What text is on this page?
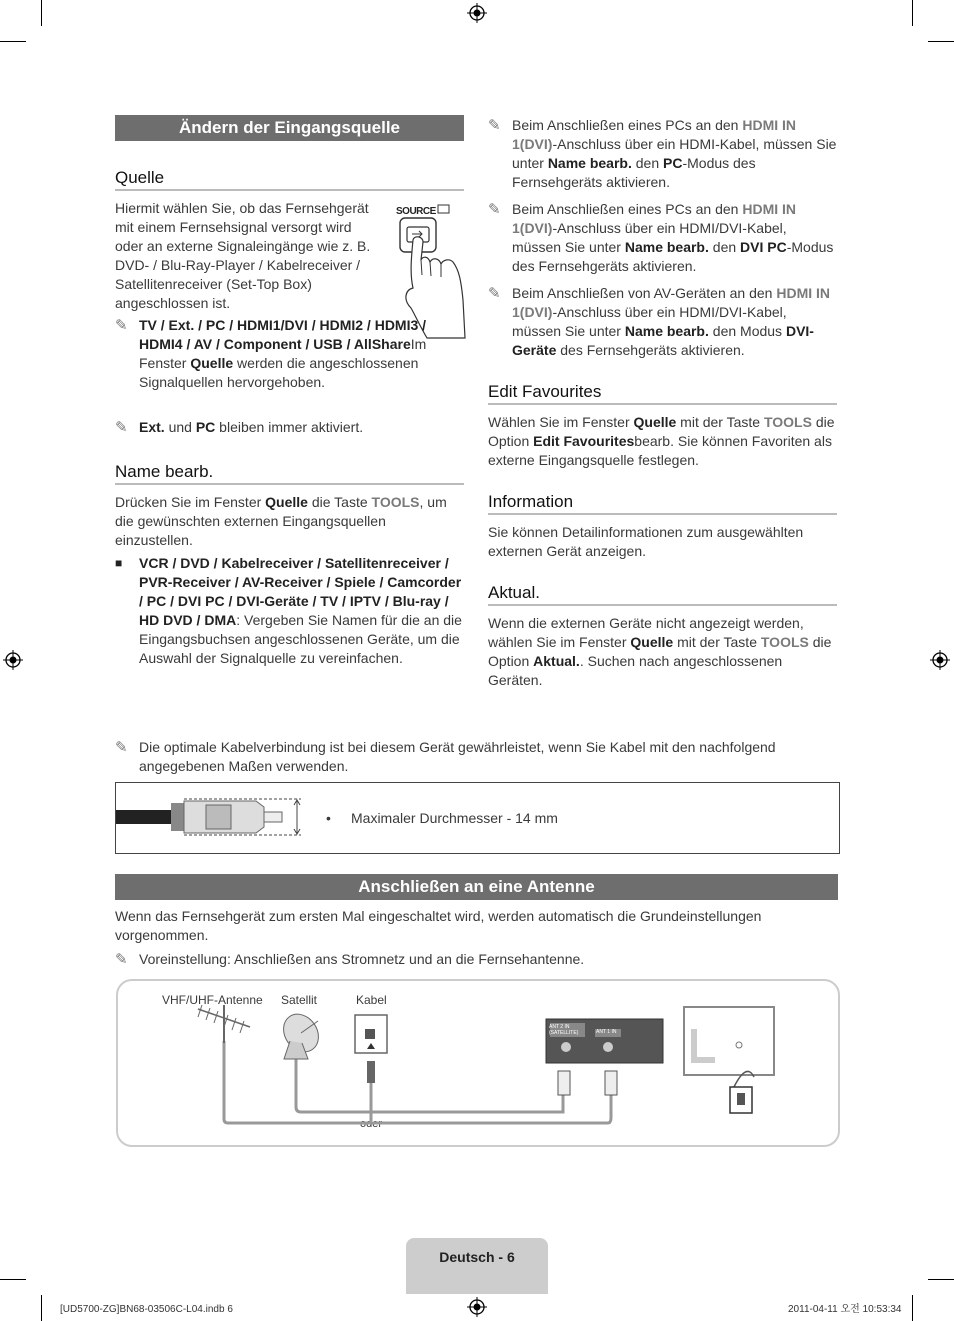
Ändern der Eingangsquelle
Quelle
Hiermit wählen Sie, ob das Fernsehgerät mit einem Fernsehsignal versorgt wird oder an externe Signaleingänge wie z. B. DVD- / Blu-Ray-Player / Kabelreceiver / Satellitenreceiver (Set-Top Box) angeschlossen ist.
SOURCE
✎ TV / Ext. / PC / HDMI1/DVI / HDMI2 / HDMI3 / HDMI4 / AV / Component / USB / AllShareIm Fenster Quelle werden die angeschlossenen Signalquellen hervorgehoben.
✎ Ext. und PC bleiben immer aktiviert.
Name bearb.
Drücken Sie im Fenster Quelle die Taste TOOLS, um die gewünschten externen Eingangsquellen einzustellen.
■	VCR / DVD / Kabelreceiver / Satellitenreceiver / PVR-Receiver / AV-Receiver / Spiele / Camcorder / PC / DVI PC / DVI-Geräte / TV / IPTV / Blu-ray / HD DVD / DMA: Vergeben Sie Namen für die an die Eingangsbuchsen angeschlossenen Geräte, um die Auswahl der Signalquelle zu vereinfachen.
✎ Beim Anschließen eines PCs an den HDMI IN 1(DVI)-Anschluss über ein HDMI-Kabel, müssen Sie unter Name bearb. den PC-Modus des Fernsehgeräts aktivieren.
✎ Beim Anschließen eines PCs an den HDMI IN 1(DVI)-Anschluss über ein HDMI/DVI-Kabel, müssen Sie unter Name bearb. den DVI PC-Modus des Fernsehgeräts aktivieren.
✎ Beim Anschließen von AV-Geräten an den HDMI IN 1(DVI)-Anschluss über ein HDMI/DVI-Kabel, müssen Sie unter Name bearb. den Modus DVI-Geräte des Fernsehgeräts aktivieren.
Edit Favourites
Wählen Sie im Fenster Quelle mit der Taste TOOLS die Option Edit Favouritesbearb. Sie können Favoriten als externe Eingangsquelle festlegen.
Information
Sie können Detailinformationen zum ausgewählten externen Gerät anzeigen.
Aktual.
Wenn die externen Geräte nicht angezeigt werden, wählen Sie im Fenster Quelle mit der Taste TOOLS die Option Aktual.. Suchen nach angeschlossenen Geräten.
✎ Die optimale Kabelverbindung ist bei diesem Gerät gewährleistet, wenn Sie Kabel mit den nachfolgend angegebenen Maßen verwenden.
• Maximaler Durchmesser - 14 mm
Anschließen an eine Antenne
Wenn das Fernsehgerät zum ersten Mal eingeschaltet wird, werden automatisch die Grundeinstellungen vorgenommen.
✎ Voreinstellung: Anschließen ans Stromnetz und an die Fernsehantenne.
VHF/UHF-Antenne Satellit	Kabel
oder
ANT 2 IN
(SATELLITE)	ANT 1 IN
Deutsch - 6
[UD5700-ZG]BN68-03506C-L04.indb 6	2011-04-11 오전 10:53:34
